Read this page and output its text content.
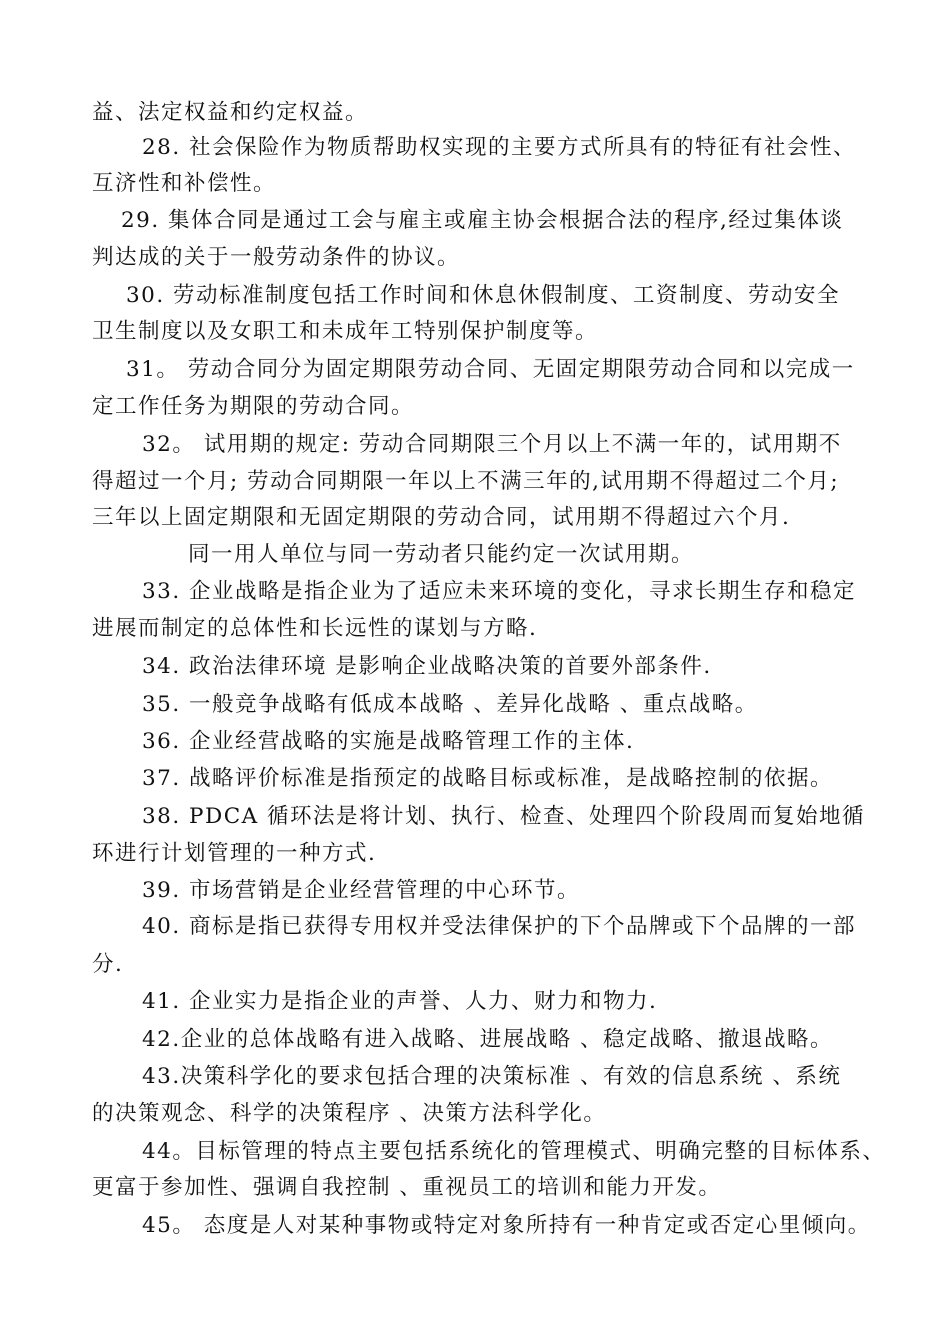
益、法定权益和约定权益。
28. 社会保险作为物质帮助权实现的主要方式所具有的特征有社会性、
互济性和补偿性。
29. 集体合同是通过工会与雇主或雇主协会根据合法的程序,经过集体谈
判达成的关于一般劳动条件的协议。
30. 劳动标准制度包括工作时间和休息休假制度、工资制度、劳动安全
卫生制度以及女职工和未成年工特别保护制度等。
31。 劳动合同分为固定期限劳动合同、无固定期限劳动合同和以完成一
定工作任务为期限的劳动合同。
32。 试用期的规定: 劳动合同期限三个月以上不满一年的，试用期不
得超过一个月; 劳动合同期限一年以上不满三年的,试用期不得超过二个月;
三年以上固定期限和无固定期限的劳动合同，试用期不得超过六个月.
同一用人单位与同一劳动者只能约定一次试用期。
33. 企业战略是指企业为了适应未来环境的变化，寻求长期生存和稳定
进展而制定的总体性和长远性的谋划与方略.
34. 政治法律环境 是影响企业战略决策的首要外部条件.
35. 一般竞争战略有低成本战略 、差异化战略 、重点战略。
36. 企业经营战略的实施是战略管理工作的主体.
37. 战略评价标准是指预定的战略目标或标准，是战略控制的依据。
38. PDCA 循环法是将计划、执行、检查、处理四个阶段周而复始地循
环进行计划管理的一种方式.
39. 市场营销是企业经营管理的中心环节。
40. 商标是指已获得专用权并受法律保护的下个品牌或下个品牌的一部
分.
41. 企业实力是指企业的声誉、人力、财力和物力.
42.企业的总体战略有进入战略、进展战略 、稳定战略、撤退战略。
43.决策科学化的要求包括合理的决策标准 、有效的信息系统 、系统
的决策观念、科学的决策程序 、决策方法科学化。
44。目标管理的特点主要包括系统化的管理模式、明确完整的目标体系、
更富于参加性、强调自我控制 、重视员工的培训和能力开发。
45。 态度是人对某种事物或特定对象所持有一种肯定或否定心里倾向。
